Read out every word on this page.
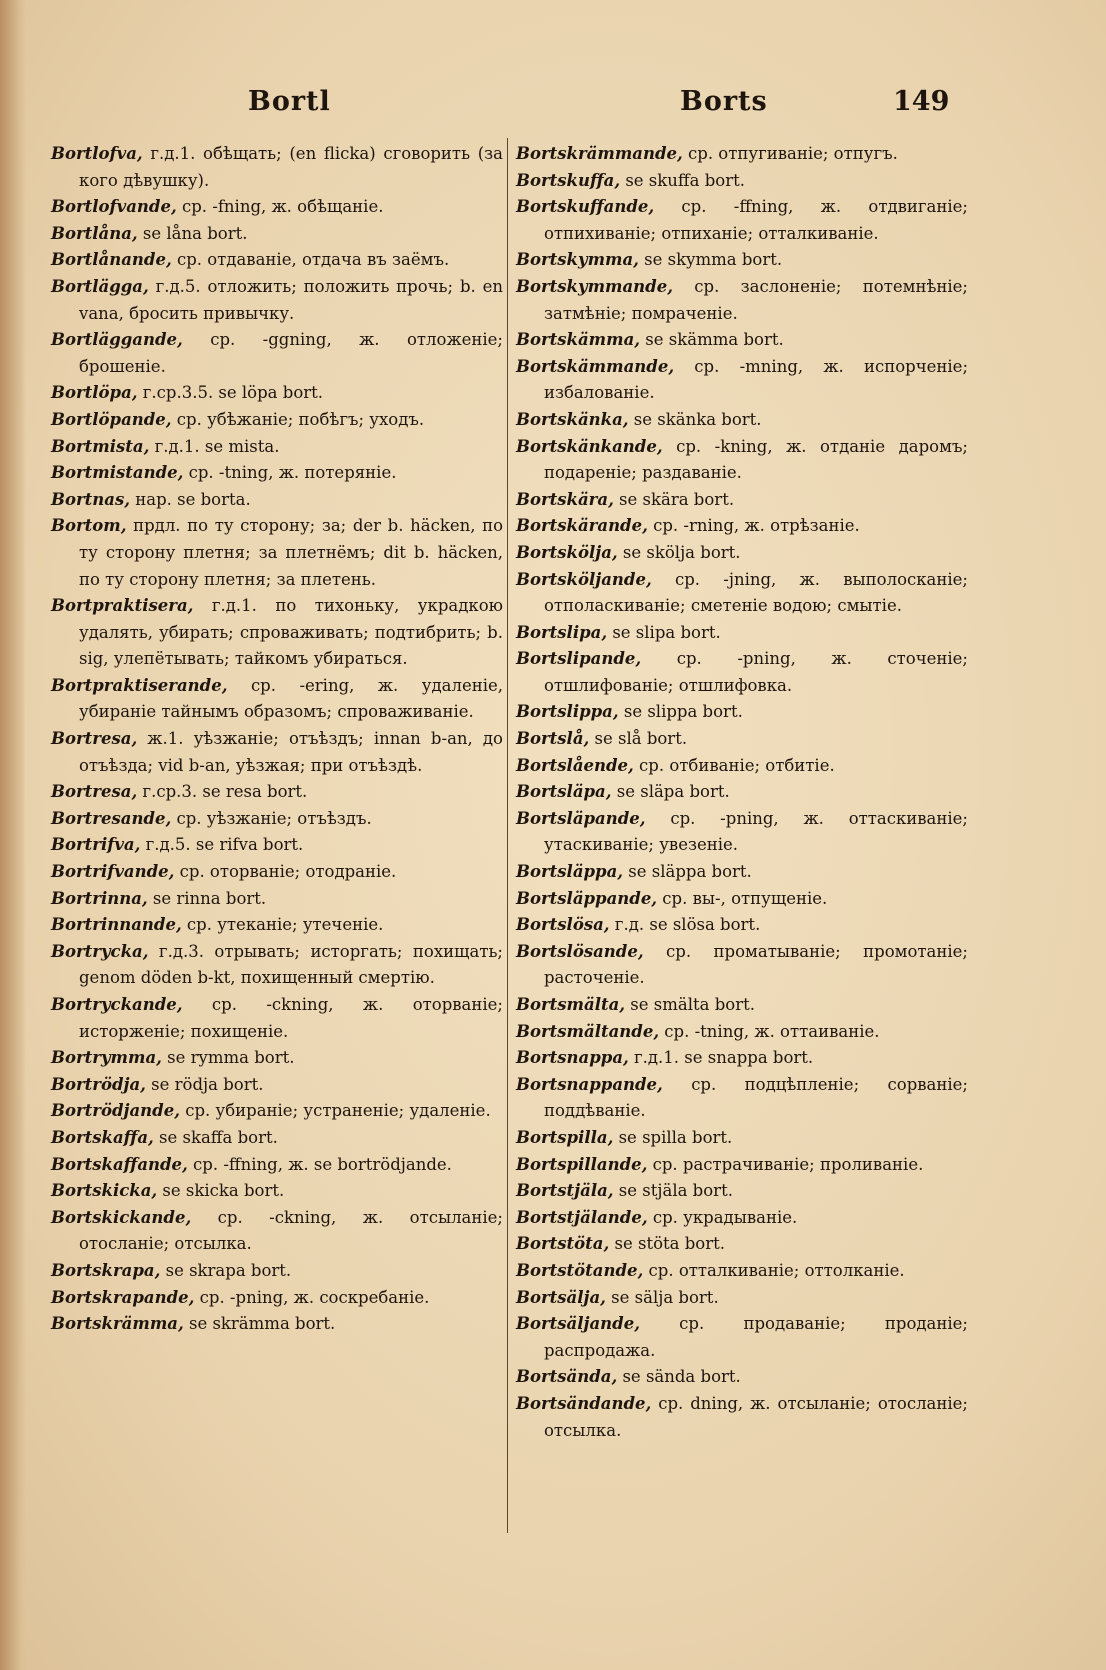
Bortl	Borts	149
Bortlofva, г.д.1. обѣщать; (en flicka) сговорить (за кого дѣвушку).
Bortlofvande, ср. -fning, ж. обѣщаніе.
Bortlåna, se låna bort.
Bortlånande, ср. отдаваніе, отдача въ заёмъ.
Bortlägga, г.д.5. отложить; положить прочь; b. en vana, бросить привычку.
Bortläggande, ср. -ggning, ж. отложеніе; брошеніе.
Bortlöpa, г.ср.3.5. se löpa bort.
Bortlöpande, ср. убѣжаніе; побѣгъ; уходъ.
Bortmista, г.д.1. se mista.
Bortmistande, ср. -tning, ж. потеряніе.
Bortnas, нар. se borta.
Bortom, прдл. по ту сторону; за; der b. häcken, по ту сторону плетня; за плетнёмъ; dit b. häcken, по ту сторону плетня; за плетень.
Bortpraktisera, г.д.1. по тихоньку, украдкою удалять, убирать; спроваживать; подтибрить; b. sig, улепётывать; тайкомъ убираться.
Bortpraktiserande, ср. -ering, ж. удаленіе, убираніе тайнымъ образомъ; спроваживаніе.
Bortresa, ж.1. уѣзжаніе; отъѣздъ; innan b-an, до отъѣзда; vid b-an, уѣзжая; при отъѣздѣ.
Bortresa, г.ср.3. se resa bort.
Bortresande, ср. уѣзжаніе; отъѣздъ.
Bortrifva, г.д.5. se rifva bort.
Bortrifvande, ср. оторваніе; отодраніе.
Bortrinna, se rinna bort.
Bortrinnande, ср. утеканіе; утеченіе.
Bortrycka, г.д.3. отрывать; исторгать; похищать; genom döden b-kt, похищенный смертію.
Bortryckande, ср. -ckning, ж. оторваніе; исторженіе; похищеніе.
Bortrymma, se rymma bort.
Bortrödja, se rödja bort.
Bortrödjande, ср. убираніе; устраненіе; удаленіе.
Bortskaffa, se skaffa bort.
Bortskaffande, ср. -ffning, ж. se bortrödjande.
Bortskicka, se skicka bort.
Bortskickande, ср. -ckning, ж. отсыланіе; отосланіе; отсылка.
Bortskrapa, se skrapa bort.
Bortskrapande, ср. -pning, ж. соскребаніе.
Bortskrämma, se skrämma bort.
Bortskrämmande, ср. отпугиваніе; отпугъ.
Bortskuffa, se skuffa bort.
Bortskuffande, ср. -ffning, ж. отдвиганіе; отпихиваніе; отпиханіе; отталкиваніе.
Bortskymma, se skymma bort.
Bortskymmande, ср. заслоненіе; потемнѣніе; затмѣніе; помраченіе.
Bortskämma, se skämma bort.
Bortskämmande, ср. -mning, ж. испорченіе; избалованіе.
Bortskänka, se skänka bort.
Bortskänkande, ср. -kning, ж. отданіе даромъ; подареніе; раздаваніе.
Bortskära, se skära bort.
Bortskärande, ср. -rning, ж. отрѣзаніе.
Bortskölja, se skölja bort.
Bortsköljande, ср. -jning, ж. выполосканіе; отполаскиваніе; сметеніе водою; смытіе.
Bortslipa, se slipa bort.
Bortslipande, ср. -pning, ж. сточеніе; отшлифованіе; отшлифовка.
Bortslippa, se slippa bort.
Bortslå, se slå bort.
Bortslående, ср. отбиваніе; отбитіе.
Bortsläpa, se släpa bort.
Bortsläpande, ср. -pning, ж. оттаскиваніе; утаскиваніе; увезеніе.
Bortsläppa, se släppa bort.
Bortsläppande, ср. вы-, отпущеніе.
Bortslösa, г.д. se slösa bort.
Bortslösande, ср. проматываніе; промотаніе; расточеніе.
Bortsmälta, se smälta bort.
Bortsmältande, ср. -tning, ж. оттаиваніе.
Bortsnappa, г.д.1. se snappa bort.
Bortsnappande, ср. подцѣпленіе; сорваніе; поддѣваніе.
Bortspilla, se spilla bort.
Bortspillande, ср. растрачиваніе; проливаніе.
Bortstjäla, se stjäla bort.
Bortstjälande, ср. украдываніе.
Bortstöta, se stöta bort.
Bortstötande, ср. отталкиваніе; оттолканіе.
Bortsälja, se sälja bort.
Bortsäljande, ср. продаваніе; проданіе; распродажа.
Bortsända, se sända bort.
Bortsändande, ср. dning, ж. отсыланіе; отосланіе; отсылка.
